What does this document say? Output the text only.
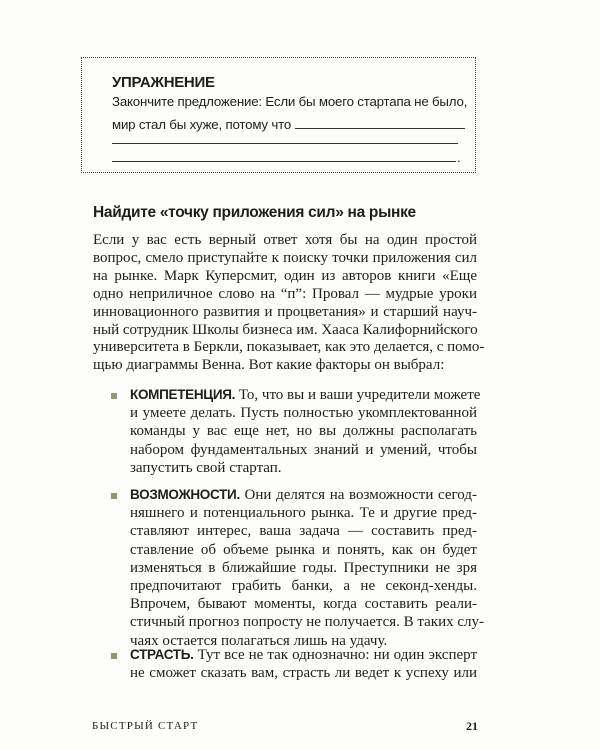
УПРАЖНЕНИЕ
Закончите предложение: Если бы моего стартапа не было,
мир стал бы хуже, потому что
.
Найдите «точку приложения сил» на рынке
Если у вас есть верный ответ хотя бы на один простой
вопрос, смело приступайте к поиску точки приложения сил
на рынке. Марк Куперсмит, один из авторов книги «Еще
одно неприличное слово на “п”: Провал — мудрые уроки
инновационного развития и процветания» и старший науч-
ный сотрудник Школы бизнеса им. Хааса Калифорнийского
университета в Беркли, показывает, как это делается, с помо-
щью диаграммы Венна. Вот какие факторы он выбрал:
КОМПЕТЕНЦИЯ. То, что вы и ваши учредители можете
и умеете делать. Пусть полностью укомплектованной
команды у вас еще нет, но вы должны располагать
набором фундаментальных знаний и умений, чтобы
запустить свой стартап.
ВОЗМОЖНОСТИ. Они делятся на возможности сегод-
няшнего и потенциального рынка. Те и другие пред-
ставляют интерес, ваша задача — составить пред-
ставление об объеме рынка и понять, как он будет
изменяться в ближайшие годы. Преступники не зря
предпочитают грабить банки, а не секонд-хенды.
Впрочем, бывают моменты, когда составить реали-
стичный прогноз попросту не получается. В таких слу-
чаях остается полагаться лишь на удачу.
СТРАСТЬ. Тут все не так однозначно: ни один эксперт
не сможет сказать вам, страсть ли ведет к успеху или
БЫСТРЫЙ СТАРТ	21
